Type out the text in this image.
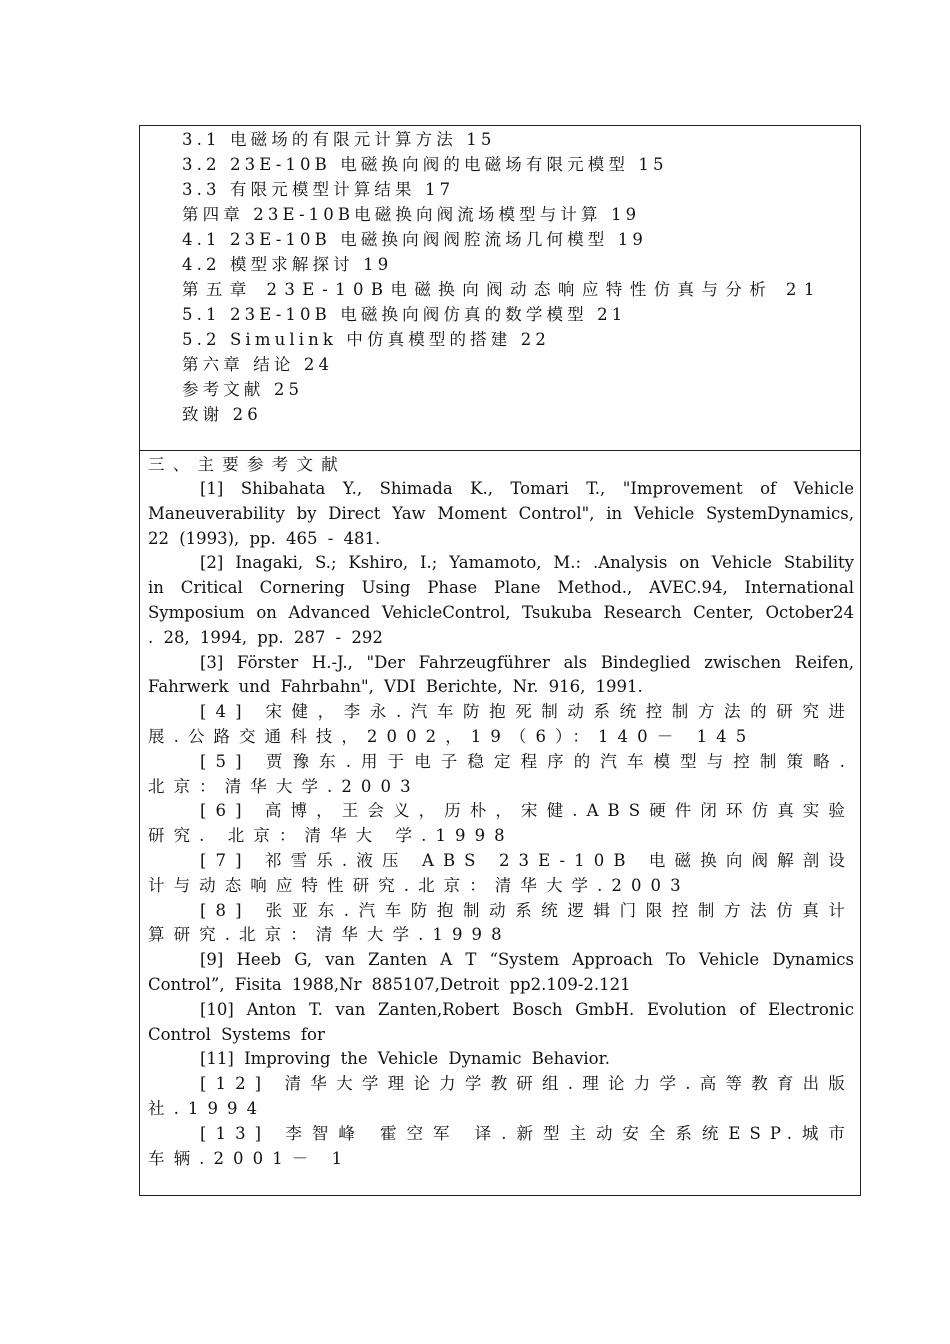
3.1 电磁场的有限元计算方法 15
3.2 23E-10B 电磁换向阀的电磁场有限元模型 15
3.3 有限元模型计算结果 17
第四章 23E-10B电磁换向阀流场模型与计算 19
4.1 23E-10B 电磁换向阀阀腔流场几何模型 19
4.2 模型求解探讨 19
第五章 23E-10B电磁换向阀动态响应特性仿真与分析 21
5.1 23E-10B 电磁换向阀仿真的数学模型 21
5.2 Simulink 中仿真模型的搭建 22
第六章 结论 24
参考文献 25
致谢 26
三、主要参考文献
[1] Shibahata Y., Shimada K., Tomari T., "Improvement of Vehicle Maneuverability by Direct Yaw Moment Control", in Vehicle SystemDynamics, 22 (1993), pp. 465 - 481.
[2] Inagaki, S.; Kshiro, I.; Yamamoto, M.: .Analysis on Vehicle Stability in Critical Cornering Using Phase Plane Method., AVEC.94, International Symposium on Advanced VehicleControl, Tsukuba Research Center, October24 . 28, 1994, pp. 287 - 292
[3] Förster H.-J., "Der Fahrzeugführer als Bindeglied zwischen Reifen, Fahrwerk und Fahrbahn", VDI Berichte, Nr. 916, 1991.
[4] 宋健，李永.汽车防抱死制动系统控制方法的研究进展.公路交通科技，2002，19（6）：140－ 145
[5] 贾豫东.用于电子稳定程序的汽车模型与控制策略.北京：清华大学.2003
[6] 高博，王会义，历朴，宋健.ABS硬件闭环仿真实验研究. 北京：清华大 学.1998
[7] 祁雪乐.液压 ABS 23E-10B 电磁换向阀解剖设计与动态响应特性研究.北京：清华大学.2003
[8] 张亚东.汽车防抱制动系统逻辑门限控制方法仿真计算研究.北京：清华大学.1998
[9] Heeb G, van Zanten A T “System Approach To Vehicle Dynamics Control”, Fisita 1988,Nr 885107,Detroit pp2.109-2.121
[10] Anton T. van Zanten,Robert Bosch GmbH. Evolution of Electronic Control Systems for
[11] Improving the Vehicle Dynamic Behavior.
[12] 清华大学理论力学教研组.理论力学.高等教育出版社.1994
[13] 李智峰 霍空军 译.新型主动安全系统ESP.城市车辆.2001－ 1
